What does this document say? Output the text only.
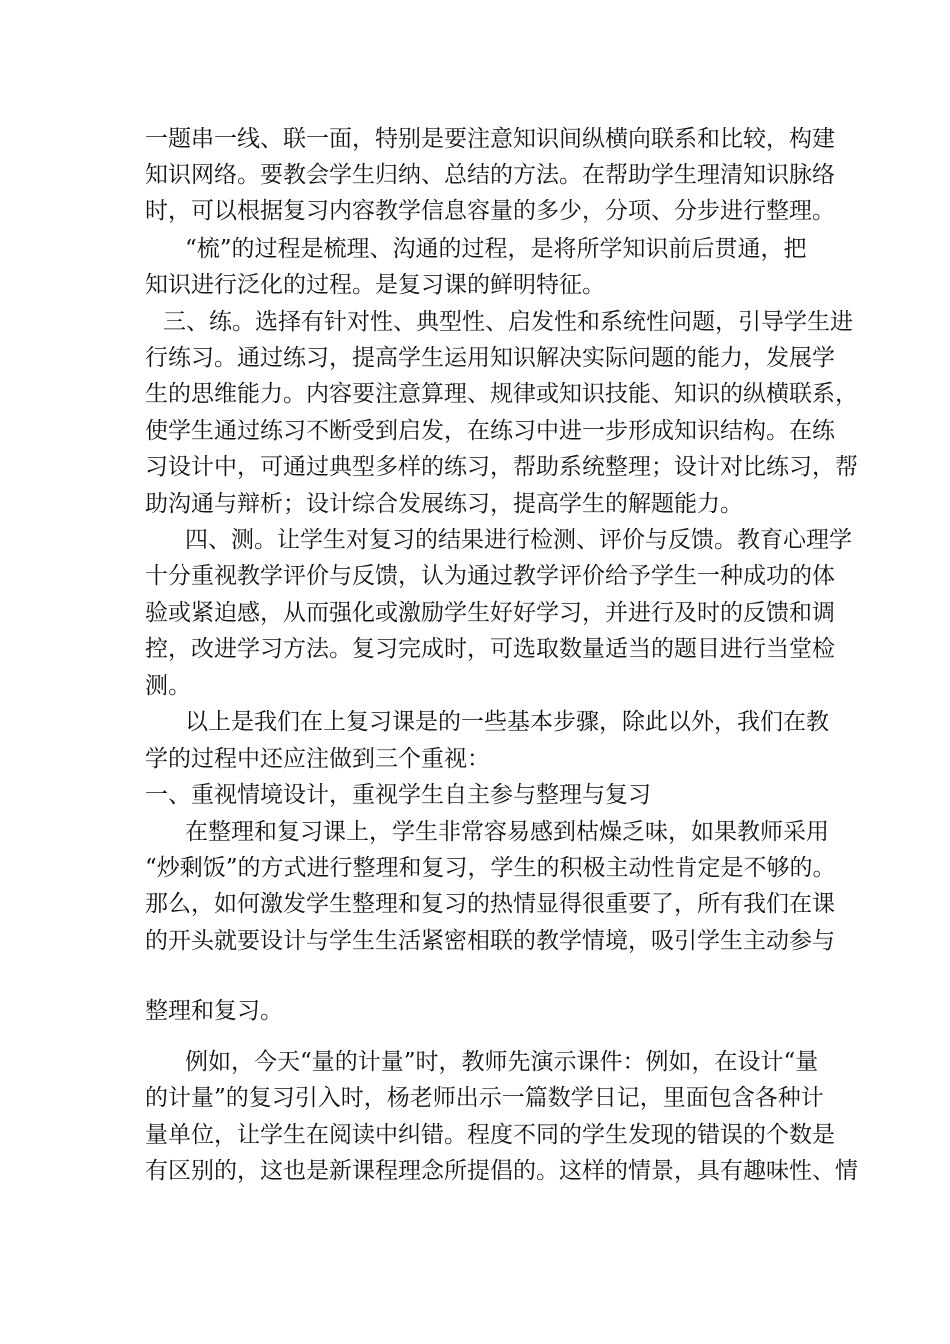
一题串一线、联一面，特别是要注意知识间纵横向联系和比较，构建
知识网络。要教会学生归纳、总结的方法。在帮助学生理清知识脉络
时，可以根据复习内容教学信息容量的多少，分项、分步进行整理。
“梳”的过程是梳理、沟通的过程，是将所学知识前后贯通，把
知识进行泛化的过程。是复习课的鲜明特征。
三、练。选择有针对性、典型性、启发性和系统性问题，引导学生进
行练习。通过练习，提高学生运用知识解决实际问题的能力，发展学
生的思维能力。内容要注意算理、规律或知识技能、知识的纵横联系，
使学生通过练习不断受到启发，在练习中进一步形成知识结构。在练
习设计中，可通过典型多样的练习，帮助系统整理；设计对比练习，帮
助沟通与辩析；设计综合发展练习，提高学生的解题能力。
四、测。让学生对复习的结果进行检测、评价与反馈。教育心理学
十分重视教学评价与反馈，认为通过教学评价给予学生一种成功的体
验或紧迫感，从而强化或激励学生好好学习，并进行及时的反馈和调
控，改进学习方法。复习完成时，可选取数量适当的题目进行当堂检
测。
以上是我们在上复习课是的一些基本步骤，除此以外，我们在教
学的过程中还应注做到三个重视：
一、重视情境设计，重视学生自主参与整理与复习
在整理和复习课上，学生非常容易感到枯燥乏味，如果教师采用
“炒剩饭”的方式进行整理和复习，学生的积极主动性肯定是不够的。
那么，如何激发学生整理和复习的热情显得很重要了，所有我们在课
的开头就要设计与学生生活紧密相联的教学情境，吸引学生主动参与
整理和复习。
例如，今天“量的计量”时，教师先演示课件：例如，在设计“量
的计量”的复习引入时，杨老师出示一篇数学日记，里面包含各种计
量单位，让学生在阅读中纠错。程度不同的学生发现的错误的个数是
有区别的，这也是新课程理念所提倡的。这样的情景，具有趣味性、情
